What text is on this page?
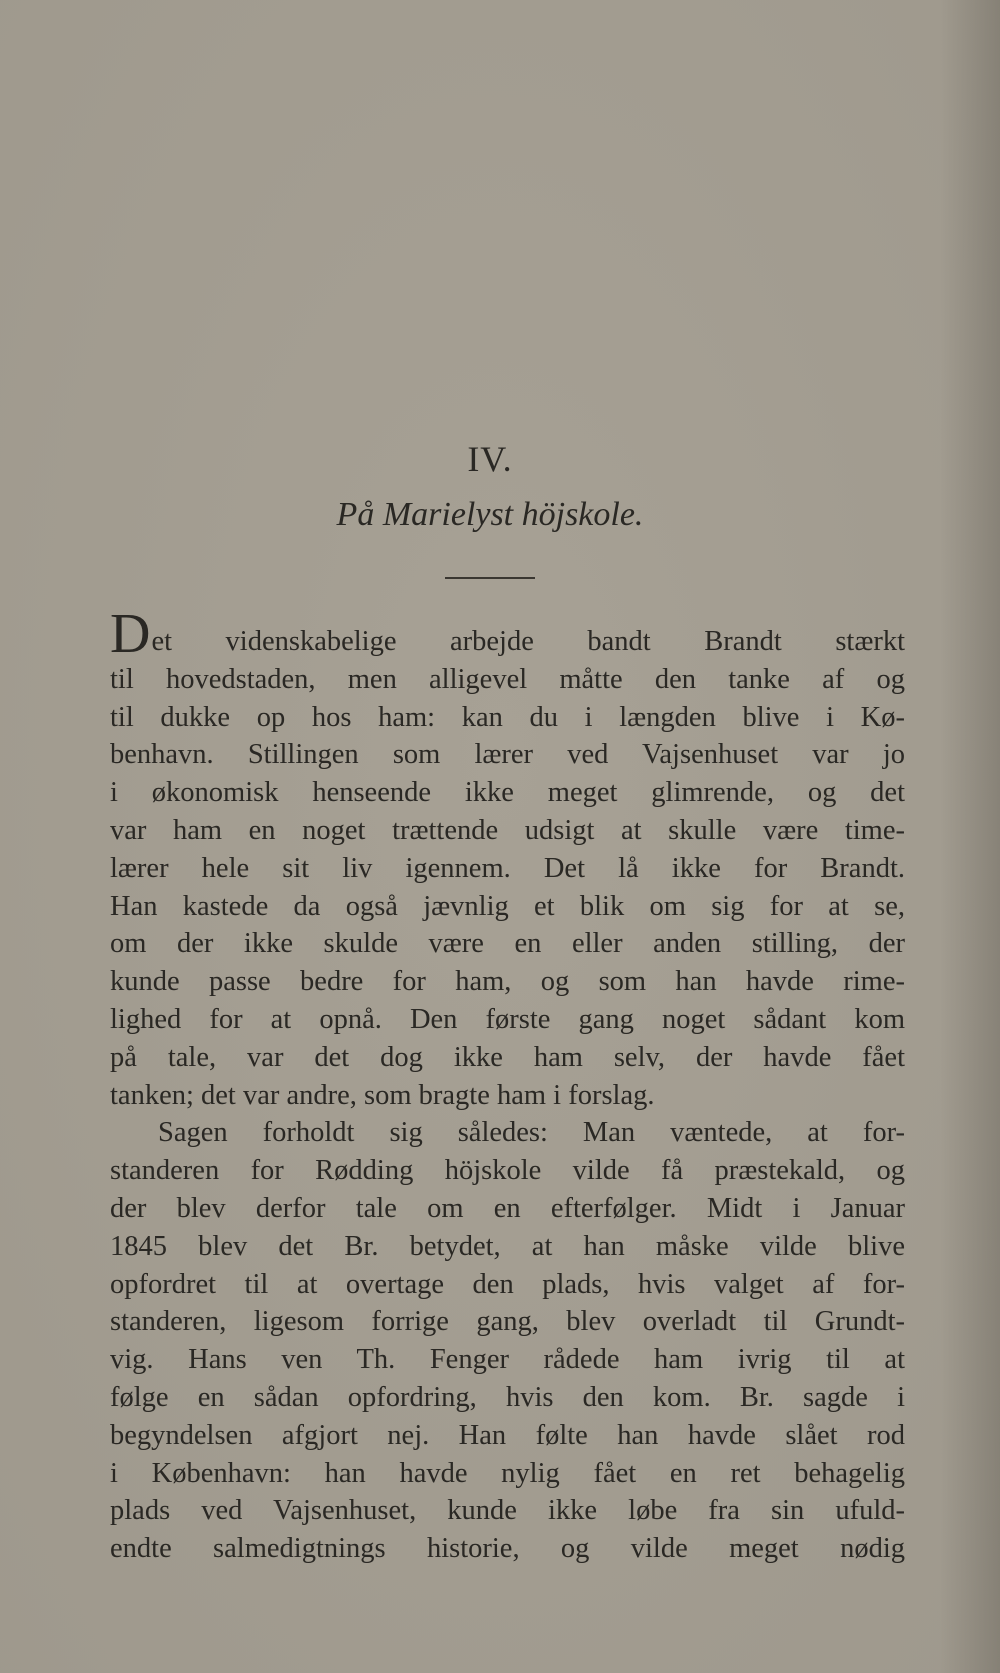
IV.
På Marielyst höjskole.
Det videnskabelige arbejde bandt Brandt stærkt
til hovedstaden, men alligevel måtte den tanke af og
til dukke op hos ham: kan du i længden blive i Kø-
benhavn. Stillingen som lærer ved Vajsenhuset var jo
i økonomisk henseende ikke meget glimrende, og det
var ham en noget trættende udsigt at skulle være time-
lærer hele sit liv igennem. Det lå ikke for Brandt.
Han kastede da også jævnlig et blik om sig for at se,
om der ikke skulde være en eller anden stilling, der
kunde passe bedre for ham, og som han havde rime-
lighed for at opnå. Den første gang noget sådant kom
på tale, var det dog ikke ham selv, der havde fået
tanken; det var andre, som bragte ham i forslag.
Sagen forholdt sig således: Man væntede, at for-
standeren for Rødding höjskole vilde få præstekald, og
der blev derfor tale om en efterfølger. Midt i Januar
1845 blev det Br. betydet, at han måske vilde blive
opfordret til at overtage den plads, hvis valget af for-
standeren, ligesom forrige gang, blev overladt til Grundt-
vig. Hans ven Th. Fenger rådede ham ivrig til at
følge en sådan opfordring, hvis den kom. Br. sagde i
begyndelsen afgjort nej. Han følte han havde slået rod
i København: han havde nylig fået en ret behagelig
plads ved Vajsenhuset, kunde ikke løbe fra sin ufuld-
endte salmedigtnings historie, og vilde meget nødig
